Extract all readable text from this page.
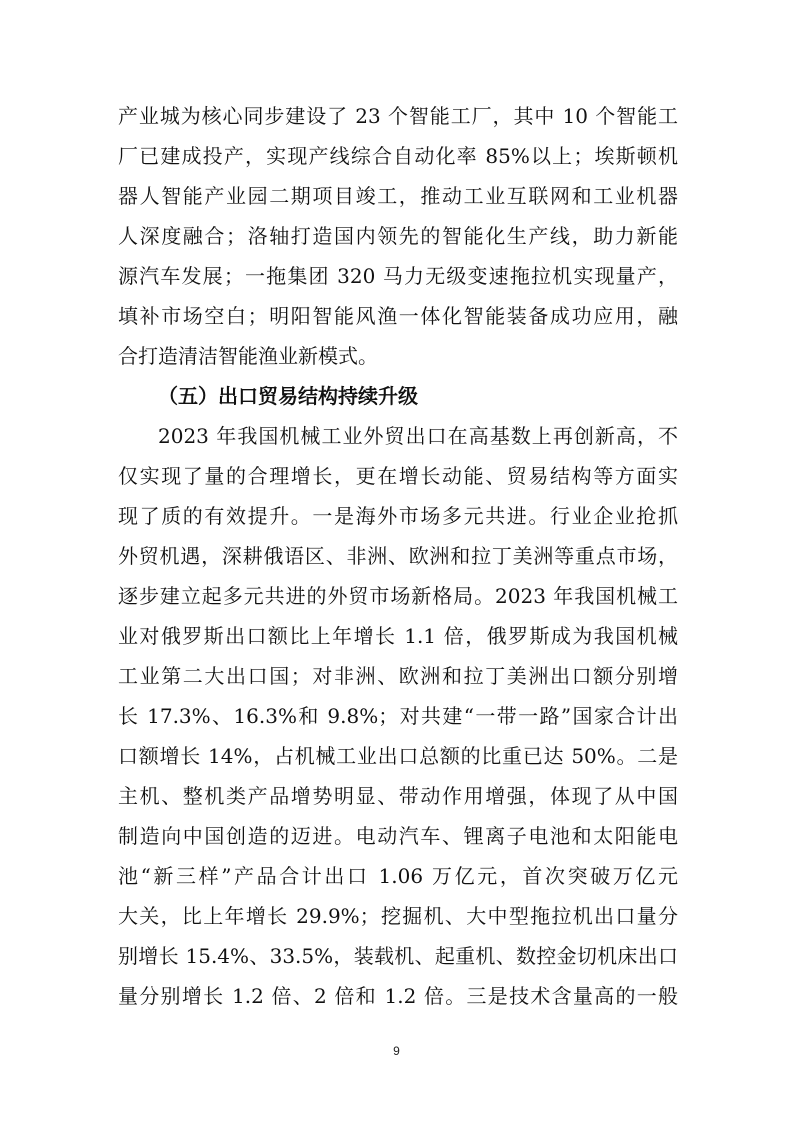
产业城为核心同步建设了 23 个智能工厂，其中 10 个智能工
厂已建成投产，实现产线综合自动化率 85%以上；埃斯顿机
器人智能产业园二期项目竣工，推动工业互联网和工业机器
人深度融合；洛轴打造国内领先的智能化生产线，助力新能
源汽车发展；一拖集团 320 马力无级变速拖拉机实现量产，
填补市场空白；明阳智能风渔一体化智能装备成功应用，融
合打造清洁智能渔业新模式。
（五）出口贸易结构持续升级
2023 年我国机械工业外贸出口在高基数上再创新高，不
仅实现了量的合理增长，更在增长动能、贸易结构等方面实
现了质的有效提升。一是海外市场多元共进。行业企业抢抓
外贸机遇，深耕俄语区、非洲、欧洲和拉丁美洲等重点市场，
逐步建立起多元共进的外贸市场新格局。2023 年我国机械工
业对俄罗斯出口额比上年增长 1.1 倍，俄罗斯成为我国机械
工业第二大出口国；对非洲、欧洲和拉丁美洲出口额分别增
长 17.3%、16.3%和 9.8%；对共建“一带一路”国家合计出
口额增长 14%，占机械工业出口总额的比重已达 50%。二是
主机、整机类产品增势明显、带动作用增强，体现了从中国
制造向中国创造的迈进。电动汽车、锂离子电池和太阳能电
池“新三样”产品合计出口 1.06 万亿元，首次突破万亿元
大关，比上年增长 29.9%；挖掘机、大中型拖拉机出口量分
别增长 15.4%、33.5%，装载机、起重机、数控金切机床出口
量分别增长 1.2 倍、2 倍和 1.2 倍。三是技术含量高的一般
9
